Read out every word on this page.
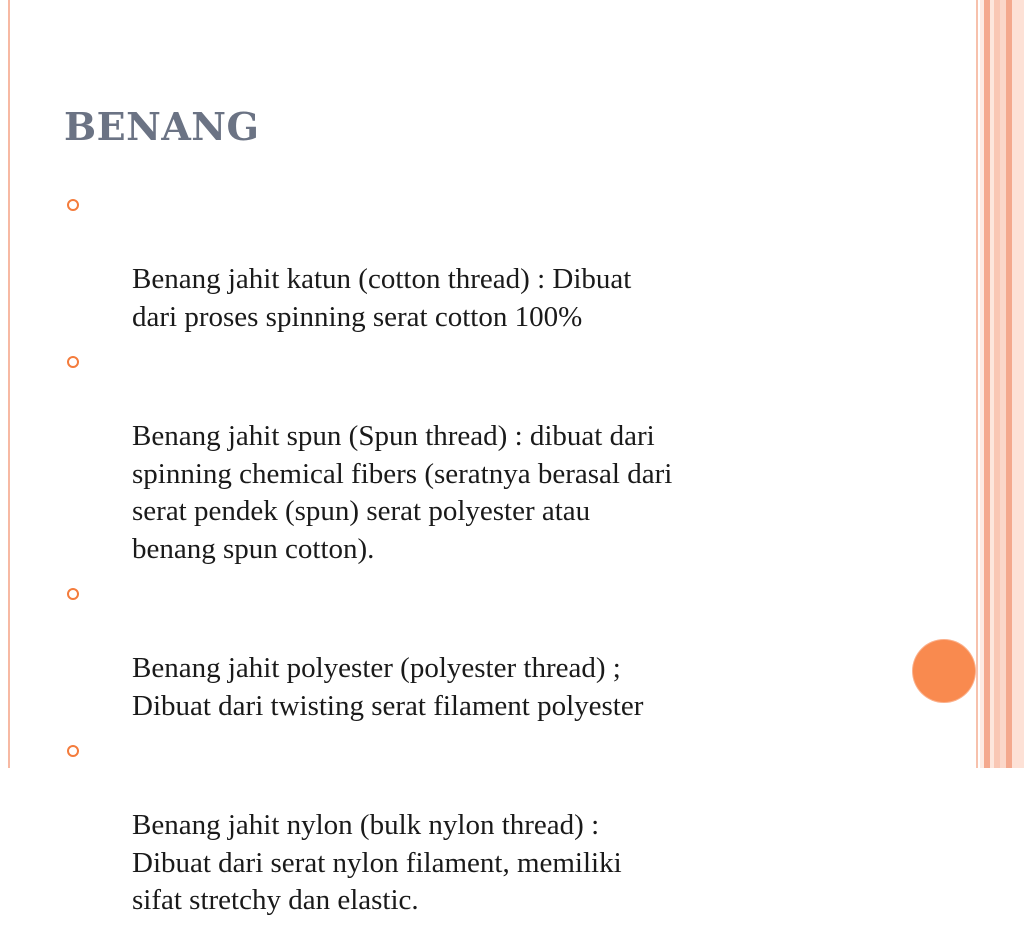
BENANG

Benang jahit katun (cotton thread) : Dibuat
dari proses spinning serat cotton 100%

Benang jahit spun (Spun thread) : dibuat dari
spinning chemical fibers (seratnya berasal dari
serat pendek (spun) serat polyester atau
benang spun cotton).

Benang jahit polyester (polyester thread) ;
Dibuat dari twisting serat filament polyester

Benang jahit nylon (bulk nylon thread) :
Dibuat dari serat nylon filament, memiliki
sifat stretchy dan elastic.
